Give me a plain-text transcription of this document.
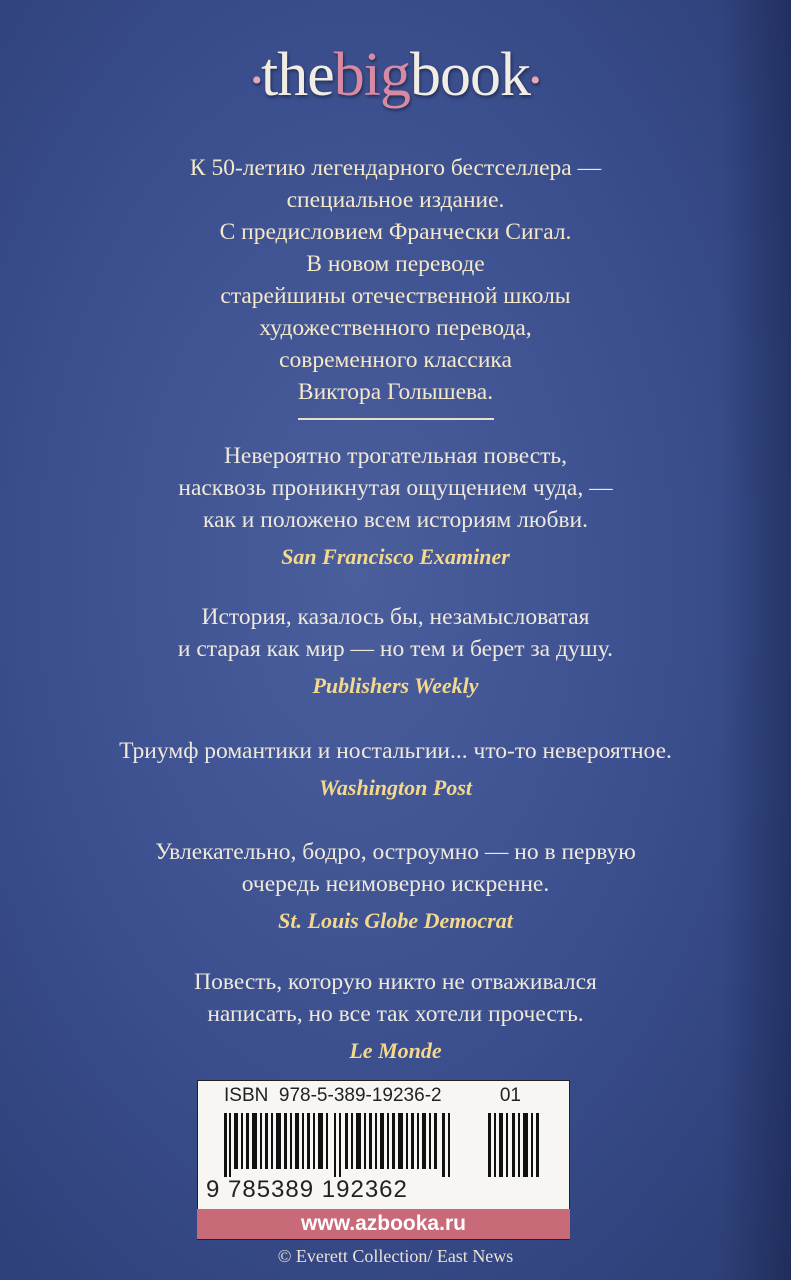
•thebigbook•
К 50-летию легендарного бестселлера —
специальное издание.
С предисловием Франчески Сигал.
В новом переводе
старейшины отечественной школы
художественного перевода,
современного классика
Виктора Голышева.
Невероятно трогательная повесть,
насквозь проникнутая ощущением чуда, —
как и положено всем историям любви.
San Francisco Examiner
История, казалось бы, незамысловатая
и старая как мир — но тем и берет за душу.
Publishers Weekly
Триумф романтики и ностальгии... что-то невероятное.
Washington Post
Увлекательно, бодро, остроумно — но в первую
очередь неимоверно искренне.
St. Louis Globe Democrat
Повесть, которую никто не отваживался
написать, но все так хотели прочесть.
Le Monde
ISBN  978-5-389-19236-2	01
9 785389 192362
www.azbooka.ru
© Everett Collection/ East News
